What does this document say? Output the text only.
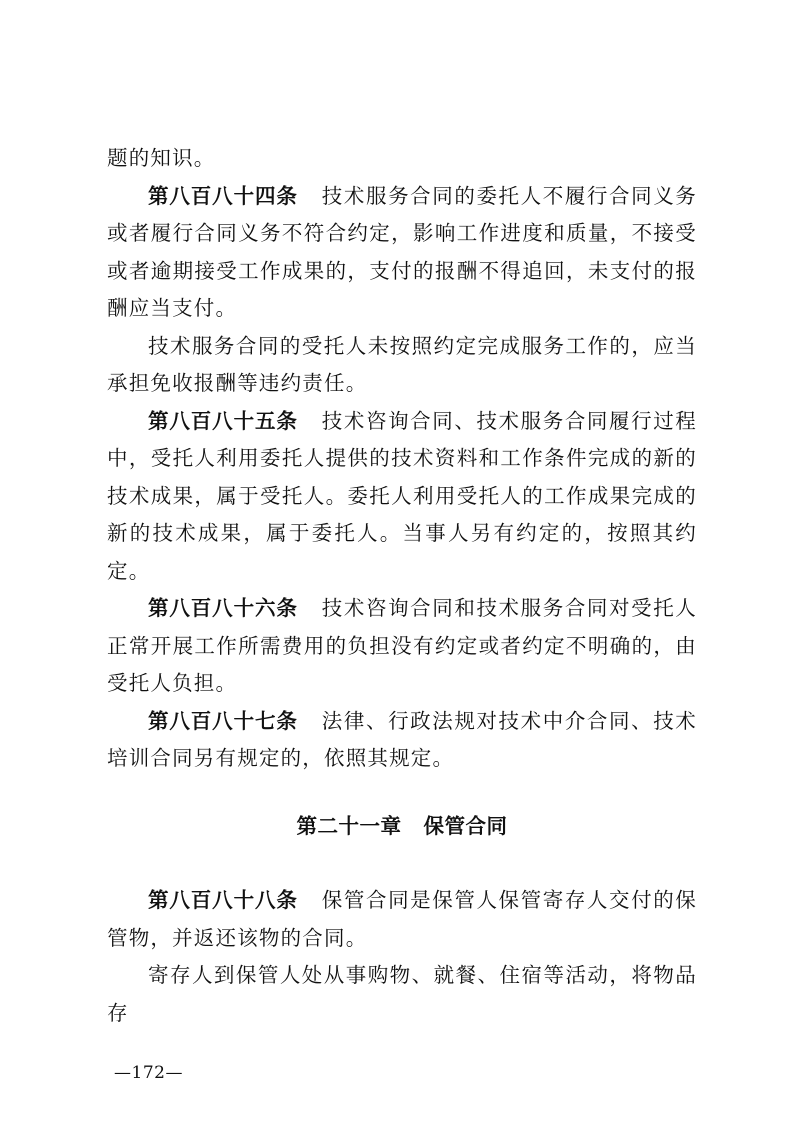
题的知识。

第八百八十四条 技术服务合同的委托人不履行合同义务或者履行合同义务不符合约定，影响工作进度和质量，不接受或者逾期接受工作成果的，支付的报酬不得追回，未支付的报酬应当支付。

技术服务合同的受托人未按照约定完成服务工作的，应当承担免收报酬等违约责任。

第八百八十五条 技术咨询合同、技术服务合同履行过程中，受托人利用委托人提供的技术资料和工作条件完成的新的技术成果，属于受托人。委托人利用受托人的工作成果完成的新的技术成果，属于委托人。当事人另有约定的，按照其约定。

第八百八十六条 技术咨询合同和技术服务合同对受托人正常开展工作所需费用的负担没有约定或者约定不明确的，由受托人负担。

第八百八十七条 法律、行政法规对技术中介合同、技术培训合同另有规定的，依照其规定。

第二十一章 保管合同

第八百八十八条 保管合同是保管人保管寄存人交付的保管物，并返还该物的合同。

寄存人到保管人处从事购物、就餐、住宿等活动，将物品存

—172—
